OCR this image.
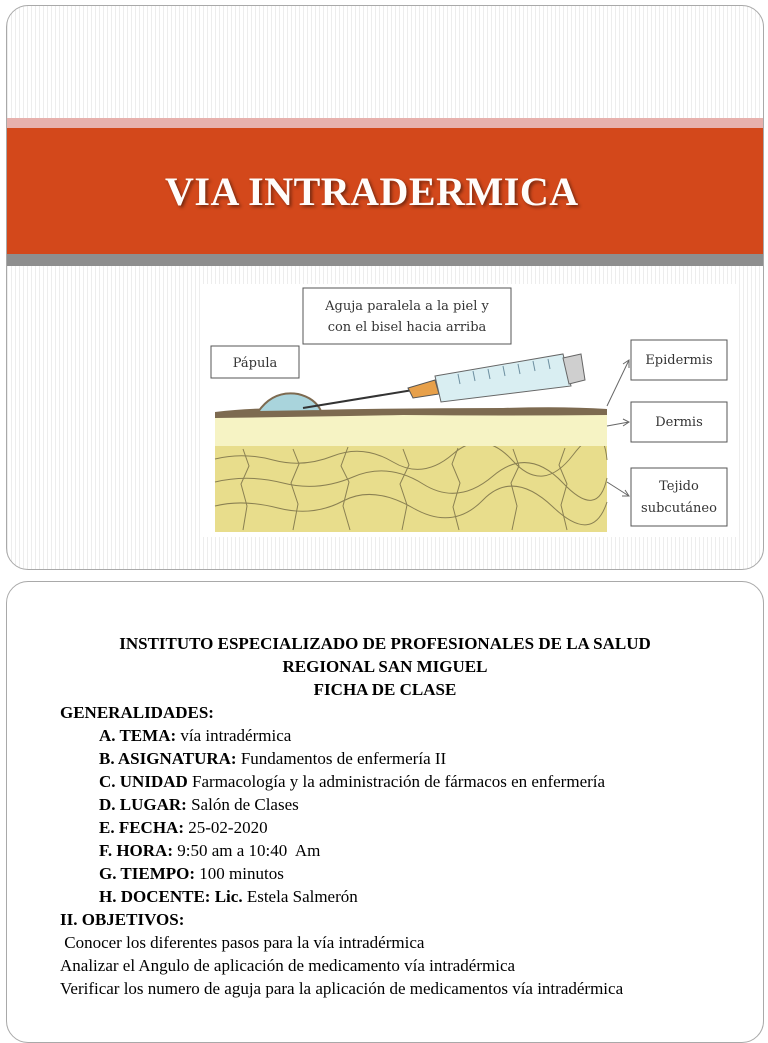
VIA INTRADERMICA
Aguja paralela a la piel y
con el bisel hacia arriba
Pápula	Epidermis
Dermis
Tejido
subcutáneo
INSTITUTO ESPECIALIZADO DE PROFESIONALES DE LA SALUD
REGIONAL SAN MIGUEL
FICHA DE CLASE
GENERALIDADES:
A. TEMA: vía intradérmica
B. ASIGNATURA: Fundamentos de enfermería II
C. UNIDAD Farmacología y la administración de fármacos en enfermería
D. LUGAR: Salón de Clases
E. FECHA: 25-02-2020
F. HORA: 9:50 am a 10:40  Am
G. TIEMPO: 100 minutos
H. DOCENTE: Lic. Estela Salmerón
II. OBJETIVOS:
Conocer los diferentes pasos para la vía intradérmica
Analizar el Angulo de aplicación de medicamento vía intradérmica
Verificar los numero de aguja para la aplicación de medicamentos vía intradérmica
